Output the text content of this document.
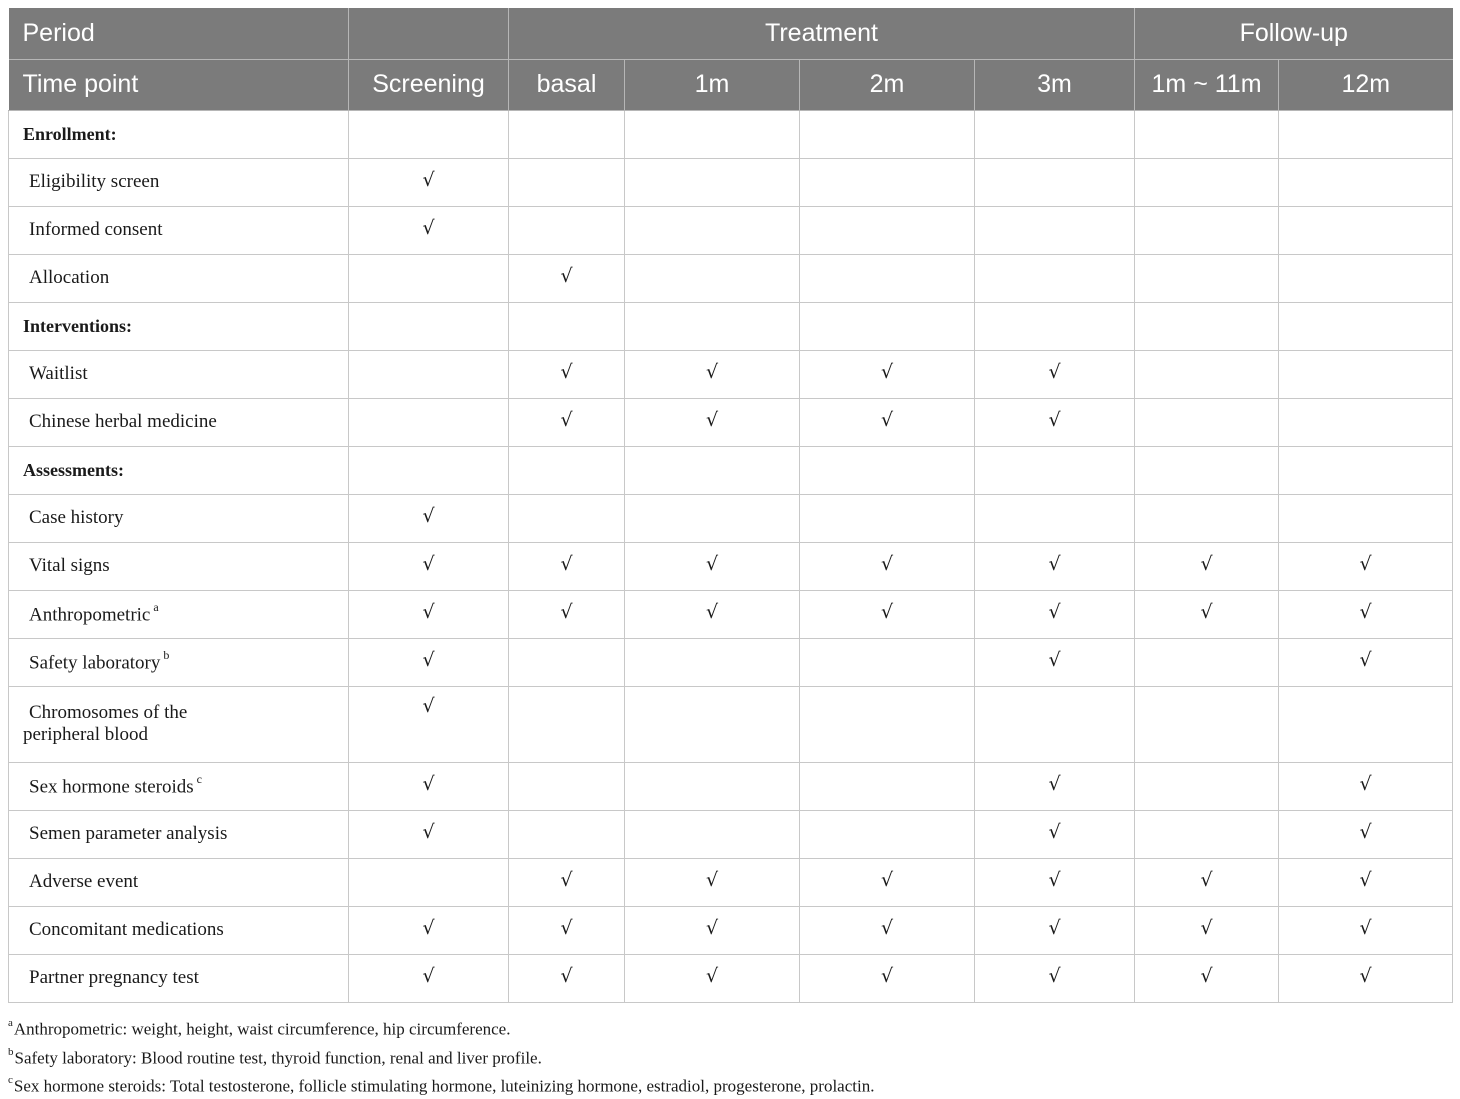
Period		Treatment				Follow-up	
Time point	Screening	basal	1m	2m	3m	1m ~ 11m	12m
Enrollment:							
Eligibility screen	√						
Informed consent	√						
Allocation		√					
Interventions:							
Waitlist		√	√	√	√		
Chinese herbal medicine		√	√	√	√		
Assessments:							
Case history	√						
Vital signs	√	√	√	√	√	√	√
Anthropometric $^a$	√	√	√	√	√	√	√
Safety laboratory $^b$	√				√		√

Chromosomes of the
peripheral blood	√						
Sex hormone steroids $^c$	√				√		√
Semen parameter analysis	√				√		√
Adverse event		√	√	√	√	√	√
Concomitant medications	√	√	√	√	√	√	√
Partner pregnancy test	√	√	√	√	√	√	√
$^a$Anthropometric: weight, height, waist circumference, hip circumference.
$^b$Safety laboratory: Blood routine test, thyroid function, renal and liver profile.
$^c$Sex hormone steroids: Total testosterone, follicle stimulating hormone, luteinizing hormone, estradiol, progesterone, prolactin.
